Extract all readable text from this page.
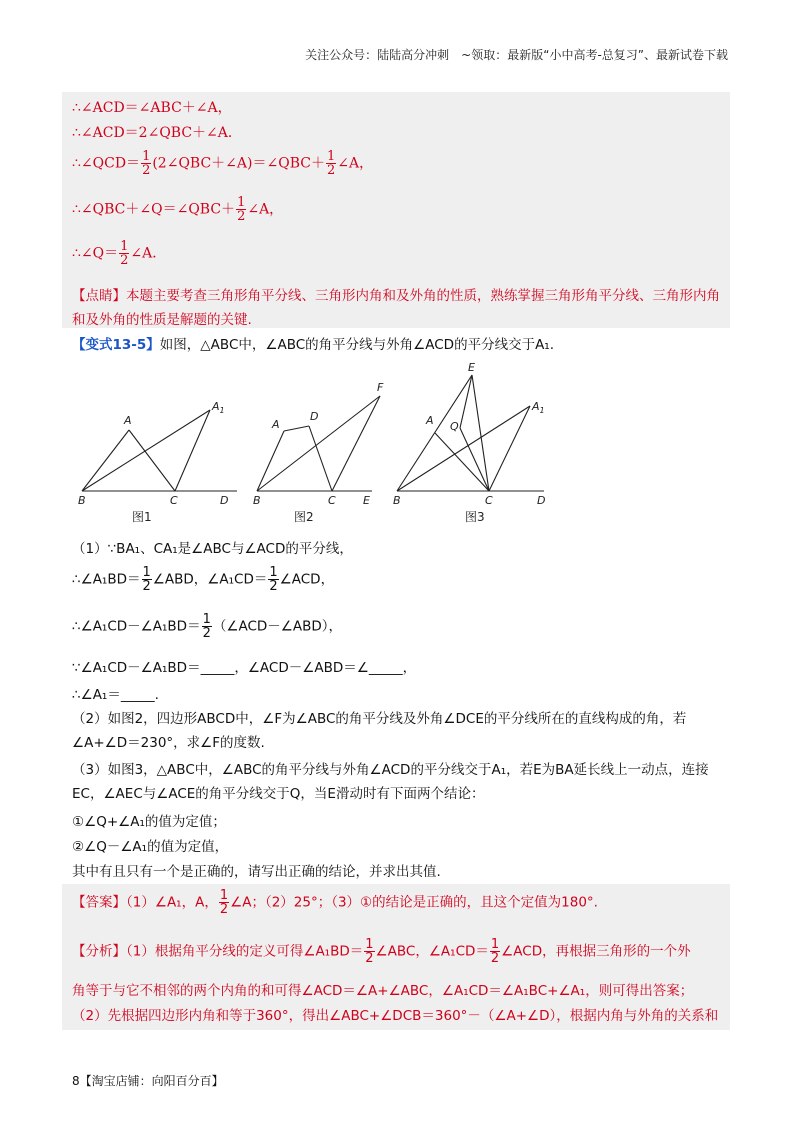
关注公众号：陆陆高分冲刺　~领取：最新版“小中高考-总复习”、最新试卷下载
∴∠ACD＝∠ABC＋∠A，
∴∠ACD＝2∠QBC＋∠A．
∴∠QCD＝ $\frac{1}{2}$ (2∠QBC＋∠A)＝∠QBC＋ $\frac{1}{2}$ ∠A，
∴∠QBC＋∠Q＝∠QBC＋ $\frac{1}{2}$ ∠A，
∴∠Q＝ $\frac{1}{2}$ ∠A．
【点睛】本题主要考查三角形角平分线、三角形内角和及外角的性质，熟练掌握三角形角平分线、三角形内角和及外角的性质是解题的关键.
【变式13-5】如图，△ABC中，∠ABC的角平分线与外角∠ACD的平分线交于A₁.
A
$A_1$
B	C	D
A
D
F
B	C E
E
A Q
$A_1$
B	C	D
图1	图2	图3
（1）∵BA₁、CA₁是∠ABC与∠ACD的平分线，
∴∠A₁BD＝ $\frac{1}{2}$ ∠ABD，∠A₁CD＝ $\frac{1}{2}$ ∠ACD，
∴∠A₁CD－∠A₁BD＝ $\frac{1}{2}$ （∠ACD－∠ABD），
∵∠A₁CD－∠A₁BD＝_____，∠ACD－∠ABD＝∠_____，
∴∠A₁＝_____.
（2）如图2，四边形ABCD中，∠F为∠ABC的角平分线及外角∠DCE的平分线所在的直线构成的角，若∠A+∠D＝230°，求∠F的度数.
（3）如图3，△ABC中，∠ABC的角平分线与外角∠ACD的平分线交于A₁，若E为BA延长线上一动点，连接EC，∠AEC与∠ACE的角平分线交于Q，当E滑动时有下面两个结论：
①∠Q+∠A₁的值为定值；
②∠Q－∠A₁的值为定值，
其中有且只有一个是正确的，请写出正确的结论，并求出其值.
【答案】（1）∠A₁，A， $\frac{1}{2}$ ∠A；（2）25°；（3）①的结论是正确的，且这个定值为180°.
【分析】（1）根据角平分线的定义可得∠A₁BD＝ $\frac{1}{2}$ ∠ABC，∠A₁CD＝ $\frac{1}{2}$ ∠ACD，再根据三角形的一个外
角等于与它不相邻的两个内角的和可得∠ACD＝∠A+∠ABC，∠A₁CD＝∠A₁BC+∠A₁，则可得出答案；
（2）先根据四边形内角和等于360°，得出∠ABC+∠DCB＝360°－（∠A+∠D），根据内角与外角的关系和
8【淘宝店铺：向阳百分百】
